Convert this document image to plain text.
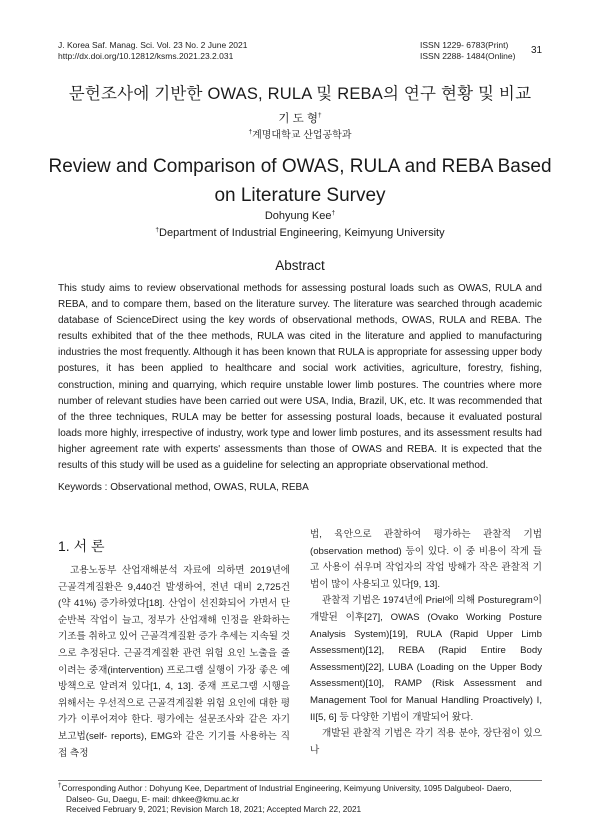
J. Korea Saf. Manag. Sci. Vol. 23 No. 2 June 2021
http://dx.doi.org/10.12812/ksms.2021.23.2.031
ISSN 1229- 6783(Print)
ISSN 2288- 1484(Online) 31
문헌조사에 기반한 OWAS, RULA 및 REBA의 연구 현황 및 비교
기 도 형†
†계명대학교 산업공학과
Review and Comparison of OWAS, RULA and REBA Based on Literature Survey
Dohyung Kee†
†Department of Industrial Engineering, Keimyung University
Abstract
This study aims to review observational methods for assessing postural loads such as OWAS, RULA and REBA, and to compare them, based on the literature survey. The literature was searched through academic database of ScienceDirect using the key words of observational methods, OWAS, RULA and REBA. The results exhibited that of the thee methods, RULA was cited in the literature and applied to manufacturing industries the most frequently. Although it has been known that RULA is appropriate for assessing upper body postures, it has been applied to healthcare and social work activities, agriculture, forestry, fishing, construction, mining and quarrying, which require unstable lower limb postures. The countries where more number of relevant studies have been carried out were USA, India, Brazil, UK, etc. It was recommended that of the three techniques, RULA may be better for assessing postural loads, because it evaluated postural loads more highly, irrespective of industry, work type and lower limb postures, and its assessment results had higher agreement rate with experts' assessments than those of OWAS and REBA. It is expected that the results of this study will be used as a guideline for selecting an appropriate observational method.
Keywords : Observational method, OWAS, RULA, REBA
1. 서 론

고용노동부 산업재해분석 자료에 의하면 2019년에 근골격계질환은 9,440건 발생하여, 전년 대비 2,725건(약 41%) 증가하였다[18]. 산업이 선진화되어 가면서 단순반복 작업이 늘고, 정부가 산업재해 인정을 완화하는 기조를 취하고 있어 근골격계질환 증가 추세는 지속될 것으로 추정된다. 근골격계질환 관련 위험 요인 노출을 줄이려는 중재(intervention) 프로그램 실행이 가장 좋은 예방책으로 알려져 있다[1, 4, 13]. 중재 프로그램 시행을 위해서는 우선적으로 근골격계질환 위험 요인에 대한 평가가 이루어져야 한다. 평가에는 설문조사와 같은 자기 보고법(self- reports), EMG와 같은 기기를 사용하는 직접 측정

법, 육안으로 관찰하여 평가하는 관찰적 기법(observation method) 등이 있다. 이 중 비용이 작게 들고 사용이 쉬우며 작업자의 작업 방해가 작은 관찰적 기법이 많이 사용되고 있다[9, 13].

관찰적 기법은 1974년에 Priel에 의해 Posturegram이 개발된 이후[27], OWAS (Ovako Working Posture Analysis System)[19], RULA (Rapid Upper Limb Assessment)[12], REBA (Rapid Entire Body Assessment)[22], LUBA (Loading on the Upper Body Assessment)[10], RAMP (Risk Assessment and Management Tool for Manual Handling Proactively) I, II[5, 6] 등 다양한 기법이 개발되어 왔다.

개발된 관찰적 기법은 각기 적용 분야, 장단점이 있으나

†Corresponding Author : Dohyung Kee, Department of Industrial Engineering, Keimyung University, 1095 Dalgubeol- Daero,
Dalseo- Gu, Daegu, E- mail: dhkee@kmu.ac.kr
Received February 9, 2021; Revision March 18, 2021; Accepted March 22, 2021
